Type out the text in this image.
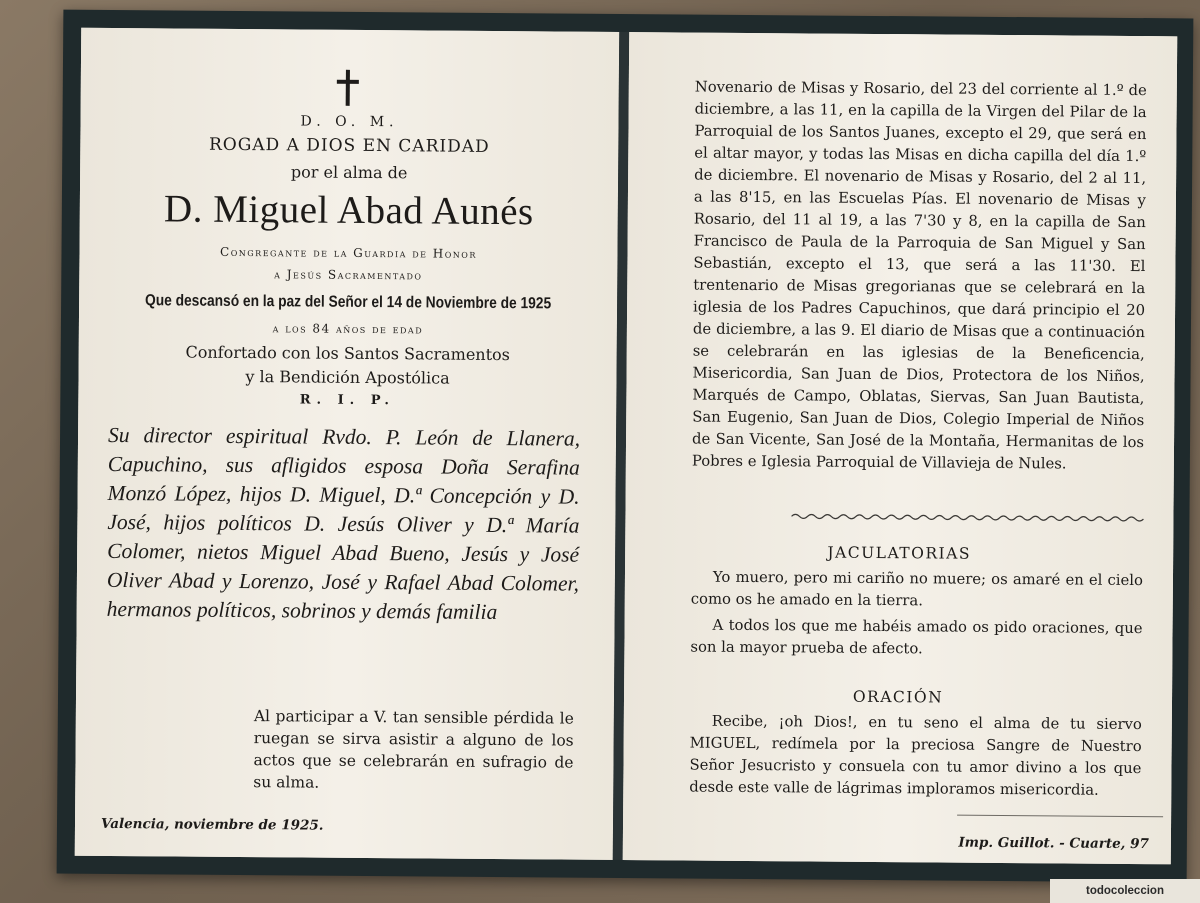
D. O. M.
ROGAD A DIOS EN CARIDAD
por el alma de
D. Miguel Abad Aunés
Congregante de la Guardia de Honor
a Jesús Sacramentado
Que descansó en la paz del Señor el 14 de Noviembre de 1925
a los 84 años de edad
Confortado con los Santos Sacramentos
y la Bendición Apostólica
R. I. P.
Su director espiritual Rvdo. P. León de Llanera, Capuchino, sus afligidos esposa Doña Serafina Monzó López, hijos D. Miguel, D.ª Concepción y D. José, hijos políticos D. Jesús Oliver y D.ª María Colomer, nietos Miguel Abad Bueno, Jesús y José Oliver Abad y Lorenzo, José y Rafael Abad Colomer, hermanos políticos, sobrinos y demás familia
Al participar a V. tan sensible pérdida le ruegan se sirva asistir a alguno de los actos que se celebrarán en sufragio de su alma.
Valencia, noviembre de 1925.
Novenario de Misas y Rosario, del 23 del corriente al 1.º de diciembre, a las 11, en la capilla de la Virgen del Pilar de la Parroquial de los Santos Juanes, excepto el 29, que será en el altar mayor, y todas las Misas en dicha capilla del día 1.º de diciembre. El novenario de Misas y Rosario, del 2 al 11, a las 8'15, en las Escuelas Pías. El novenario de Misas y Rosario, del 11 al 19, a las 7'30 y 8, en la capilla de San Francisco de Paula de la Parroquia de San Miguel y San Sebastián, excepto el 13, que será a las 11'30. El trentenario de Misas gregorianas que se celebrará en la iglesia de los Padres Capuchinos, que dará principio el 20 de diciembre, a las 9. El diario de Misas que a continuación se celebrarán en las iglesias de la Beneficencia, Misericordia, San Juan de Dios, Protectora de los Niños, Marqués de Campo, Oblatas, Siervas, San Juan Bautista, San Eugenio, San Juan de Dios, Colegio Imperial de Niños de San Vicente, San José de la Montaña, Hermanitas de los Pobres e Iglesia Parroquial de Villavieja de Nules.
JACULATORIAS
Yo muero, pero mi cariño no muere; os amaré en el cielo como os he amado en la tierra.
A todos los que me habéis amado os pido oraciones, que son la mayor prueba de afecto.
ORACIÓN
Recibe, ¡oh Dios!, en tu seno el alma de tu siervo MIGUEL, redímela por la preciosa Sangre de Nuestro Señor Jesucristo y consuela con tu amor divino a los que desde este valle de lágrimas imploramos misericordia.
Imp. Guillot. - Cuarte, 97
todocoleccion
